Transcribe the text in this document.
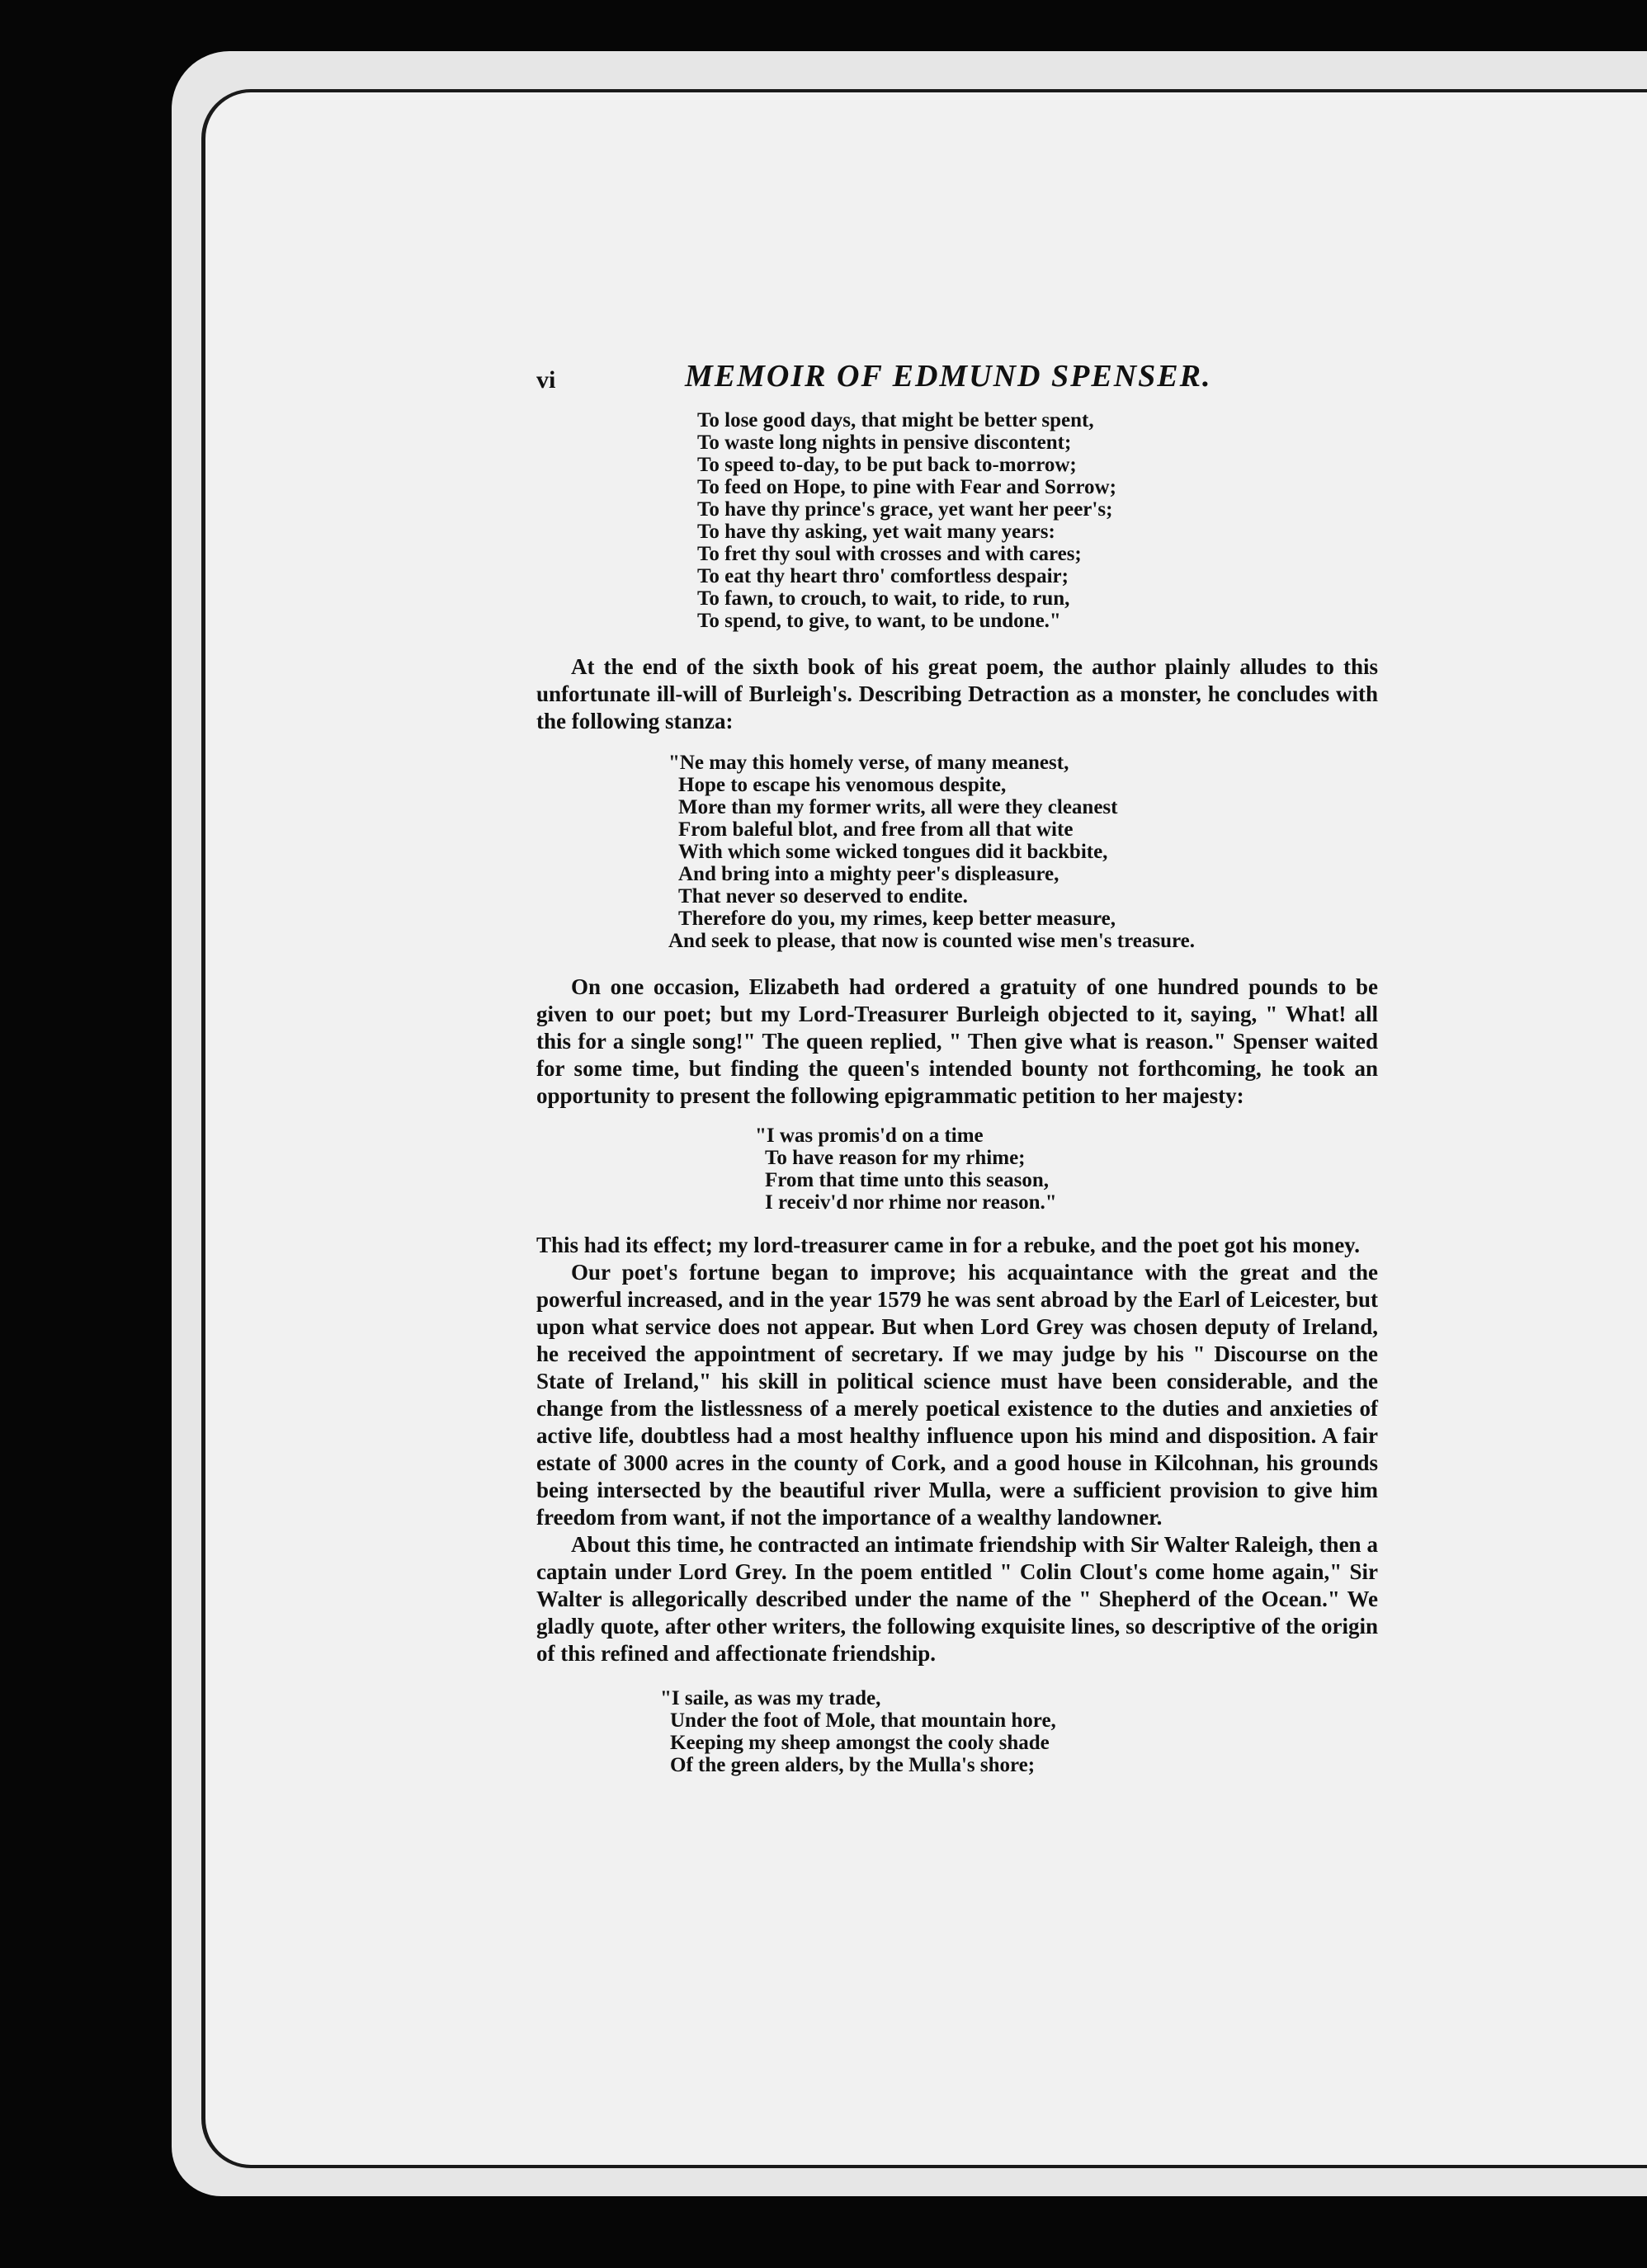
vi	MEMOIR OF EDMUND SPENSER.
To lose good days, that might be better spent,
To waste long nights in pensive discontent;
To speed to-day, to be put back to-morrow;
To feed on Hope, to pine with Fear and Sorrow;
To have thy prince's grace, yet want her peer's;
To have thy asking, yet wait many years:
To fret thy soul with crosses and with cares;
To eat thy heart thro' comfortless despair;
To fawn, to crouch, to wait, to ride, to run,
To spend, to give, to want, to be undone."

At the end of the sixth book of his great poem, the author plainly alludes to this unfortunate ill-will of Burleigh's. Describing Detraction as a monster, he concludes with the following stanza:

"Ne may this homely verse, of many meanest,
Hope to escape his venomous despite,
More than my former writs, all were they cleanest
From baleful blot, and free from all that wite
With which some wicked tongues did it backbite,
And bring into a mighty peer's displeasure,
That never so deserved to endite.
Therefore do you, my rimes, keep better measure,
And seek to please, that now is counted wise men's treasure.

On one occasion, Elizabeth had ordered a gratuity of one hundred pounds to be given to our poet; but my Lord-Treasurer Burleigh objected to it, saying, " What! all this for a single song!" The queen replied, " Then give what is reason." Spenser waited for some time, but finding the queen's intended bounty not forthcoming, he took an opportunity to present the following epigrammatic petition to her majesty:

"I was promis'd on a time
To have reason for my rhime;
From that time unto this season,
I receiv'd nor rhime nor reason."

This had its effect; my lord-treasurer came in for a rebuke, and the poet got his money.

Our poet's fortune began to improve; his acquaintance with the great and the powerful increased, and in the year 1579 he was sent abroad by the Earl of Leicester, but upon what service does not appear. But when Lord Grey was chosen deputy of Ireland, he received the appointment of secretary. If we may judge by his " Discourse on the State of Ireland," his skill in political science must have been considerable, and the change from the listlessness of a merely poetical existence to the duties and anxieties of active life, doubtless had a most healthy influence upon his mind and disposition. A fair estate of 3000 acres in the county of Cork, and a good house in Kilcohnan, his grounds being intersected by the beautiful river Mulla, were a sufficient provision to give him freedom from want, if not the importance of a wealthy landowner.

About this time, he contracted an intimate friendship with Sir Walter Raleigh, then a captain under Lord Grey. In the poem entitled " Colin Clout's come home again," Sir Walter is allegorically described under the name of the " Shepherd of the Ocean." We gladly quote, after other writers, the following exquisite lines, so descriptive of the origin of this refined and affectionate friendship.

"I saile, as was my trade,
Under the foot of Mole, that mountain hore,
Keeping my sheep amongst the cooly shade
Of the green alders, by the Mulla's shore;
